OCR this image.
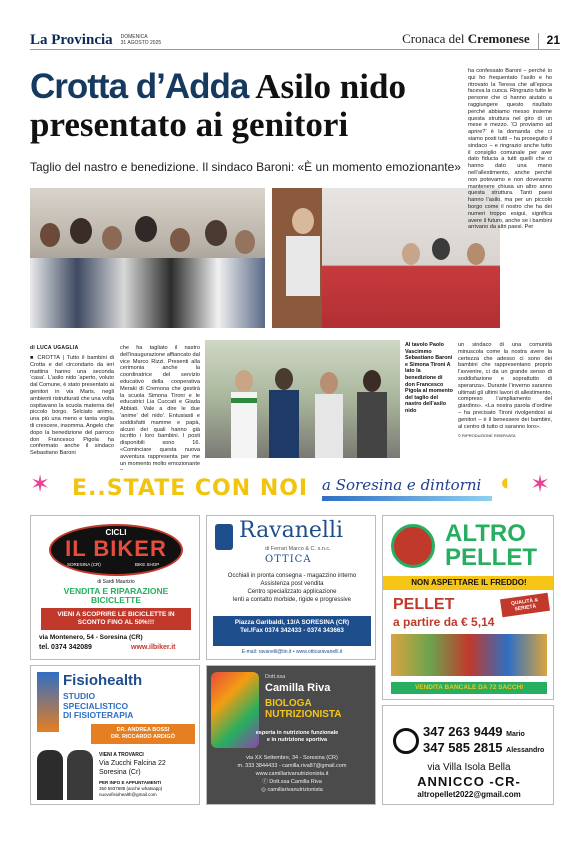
La Provincia DOMENICA
31 AGOSTO 2025	Cronaca del Cremonese	21
Crotta d’Adda Asilo nido presentato ai genitori
Taglio del nastro e benedizione. Il sindaco Baroni: «È un momento emozionante»
di LUCA UGAGLIA
■ CROTTA | Tutto il bambini di Crotta e del circondario da ieri mattina hanno una seconda ‘casa’. L’asilo nido ‘aperto, voluto dal Comune, è stato presentato ai genitori in via Maris, negli ambienti ristrutturati che una volta ospitavano la scuola materna del piccolo borgo. Selciato animo, una più una meno e tanta voglia di crescere, insomma. Angelo che dopo la benedizione del parroco don Francesco Pigola ha confermato anche il sindaco Sebastiano Baroni
che ha tagliato il nastro dell’inaugurazione affiancato dal vice Marco Rizzi. Presenti alla cerimonia anche la coordinatrice del servizio educativo della cooperativa Meraki di Cremona che gestirà la scuola Simona Tironi e le educatrici Lia Cuccati e Giada Abbiati. Vale a dire le due ‘anime’ del nido’. Entusiasti e soddisfatti mamme e papà, alcuni dei quali hanno già iscritto i loro bambini. I posti disponibili sono 16. «Cominciare questa nuova avventura rappresenta per me un momento molto emozionante –
Al tavolo Paolo Vascimmo Sebastiano Baroni e Simona Tironi A lato la benedizione di don Francesco Pigola al momento del taglio del nastro dell’asilo nido
ha confessato Baroni – perché io qui ho frequentato l’asilo e ho ritrovato la Teresa che all’epoca faceva la cuoca. Ringrazio tutte le persone che ci hanno aiutato a raggiungere questo risultato perché abbiamo messo insieme questa struttura nel giro di un mese e mezzo. ‘Ci proviamo ad aprire?’ è la domanda che ci siamo posti tutti – ha proseguito il sindaco – e ringrazio anche tutto il consiglio comunale per aver dato fiducia a tutti quelli che ci hanno dato una mano nell’allestimento, anche perché non potevamo e non dovevamo mantenere chiusa un altro anno questa struttura. Tanti paesi hanno l’asilo, ma per un piccolo borgo come il nostro che ha dei numeri troppo esigui, significa avere il futuro, anche se i bambini arrivano da altri paesi. Per
un sindaco di una comunità minuscola come la nostra avere la certezza che adesso ci sono dei bambini che rappresentano proprio l’avvenire, ci da un grande senso di soddisfazione e soprattutto di speranza». Durante l’inverno saranno ultimati gli ultimi lavori di allestimento, compreso l’ampliamento del giardino». «La nostra parola d’ordine – ha precisato Tironi rivolgendosi ai genitori – è il benessere dei bambini, al centro di tutto ci saranno loro».
© RIPRODUZIONE RISERVATA
✶ E..STATE CON NOI a Soresina e dintorni ◐ ✶
CICLI
IL BIKER
SORESINA (CR)	BIKE SHOP
di Sardi Maurizio
VENDITA E RIPARAZIONE BICICLETTE
VIENI A SCOPRIRE LE BICICLETTE IN SCONTO FINO AL 50%!!!
via Montenero, 54 - Soresina (CR)
tel. 0374 342089	www.ilbiker.it
Ravanelli
di Ferrari Marco & C. s.n.c.
OTTICA
Occhiali in pronta consegna - magazzino interno
Assistenza post vendita
Centro specializzato applicazione
lenti a contatto morbide, rigide e progressive
Piazza Garibaldi, 13/A SORESINA (CR)
Tel./Fax 0374 342433 - 0374 343663
E-mail: ravanelli@tin.it • www.otticaravanelli.it
ALTRO
PELLET
NON ASPETTARE IL FREDDO!
QUALITÀ & SERIETÀ
PELLET
a partire da € 5,14
VENDITA BANCALE DA 72 SACCHI
Fisiohealth
STUDIO
SPECIALISTICO
DI FISIOTERAPIA
DR. ANDREA BOSSI
DR. RICCARDO ARDIGÒ
VIENI A TROVARCI
Via Zucchi Falcina 22
Soresina (Cr)
PER INFO E APPUNTAMENTI
350 5937688 (anche whatsapp)
nuovofisiohealth@gmail.com
Dott.ssa
Camilla Riva
BIOLOGA NUTRIZIONISTA
esperta in nutrizione funzionale
e in nutrizione sportiva
via XX Settembre, 34 - Soresina (CR)
m. 333 3844433 - camilla.riva87@gmail.com
www.camillarivanutrizionista.it
ⓕ Dott.ssa Camilla Riva
◎ camillarivanutrizionista
347 263 9449 Mario
347 585 2815 Alessandro
via Villa Isola Bella
ANNICCO -CR-
altropellet2022@gmail.com
